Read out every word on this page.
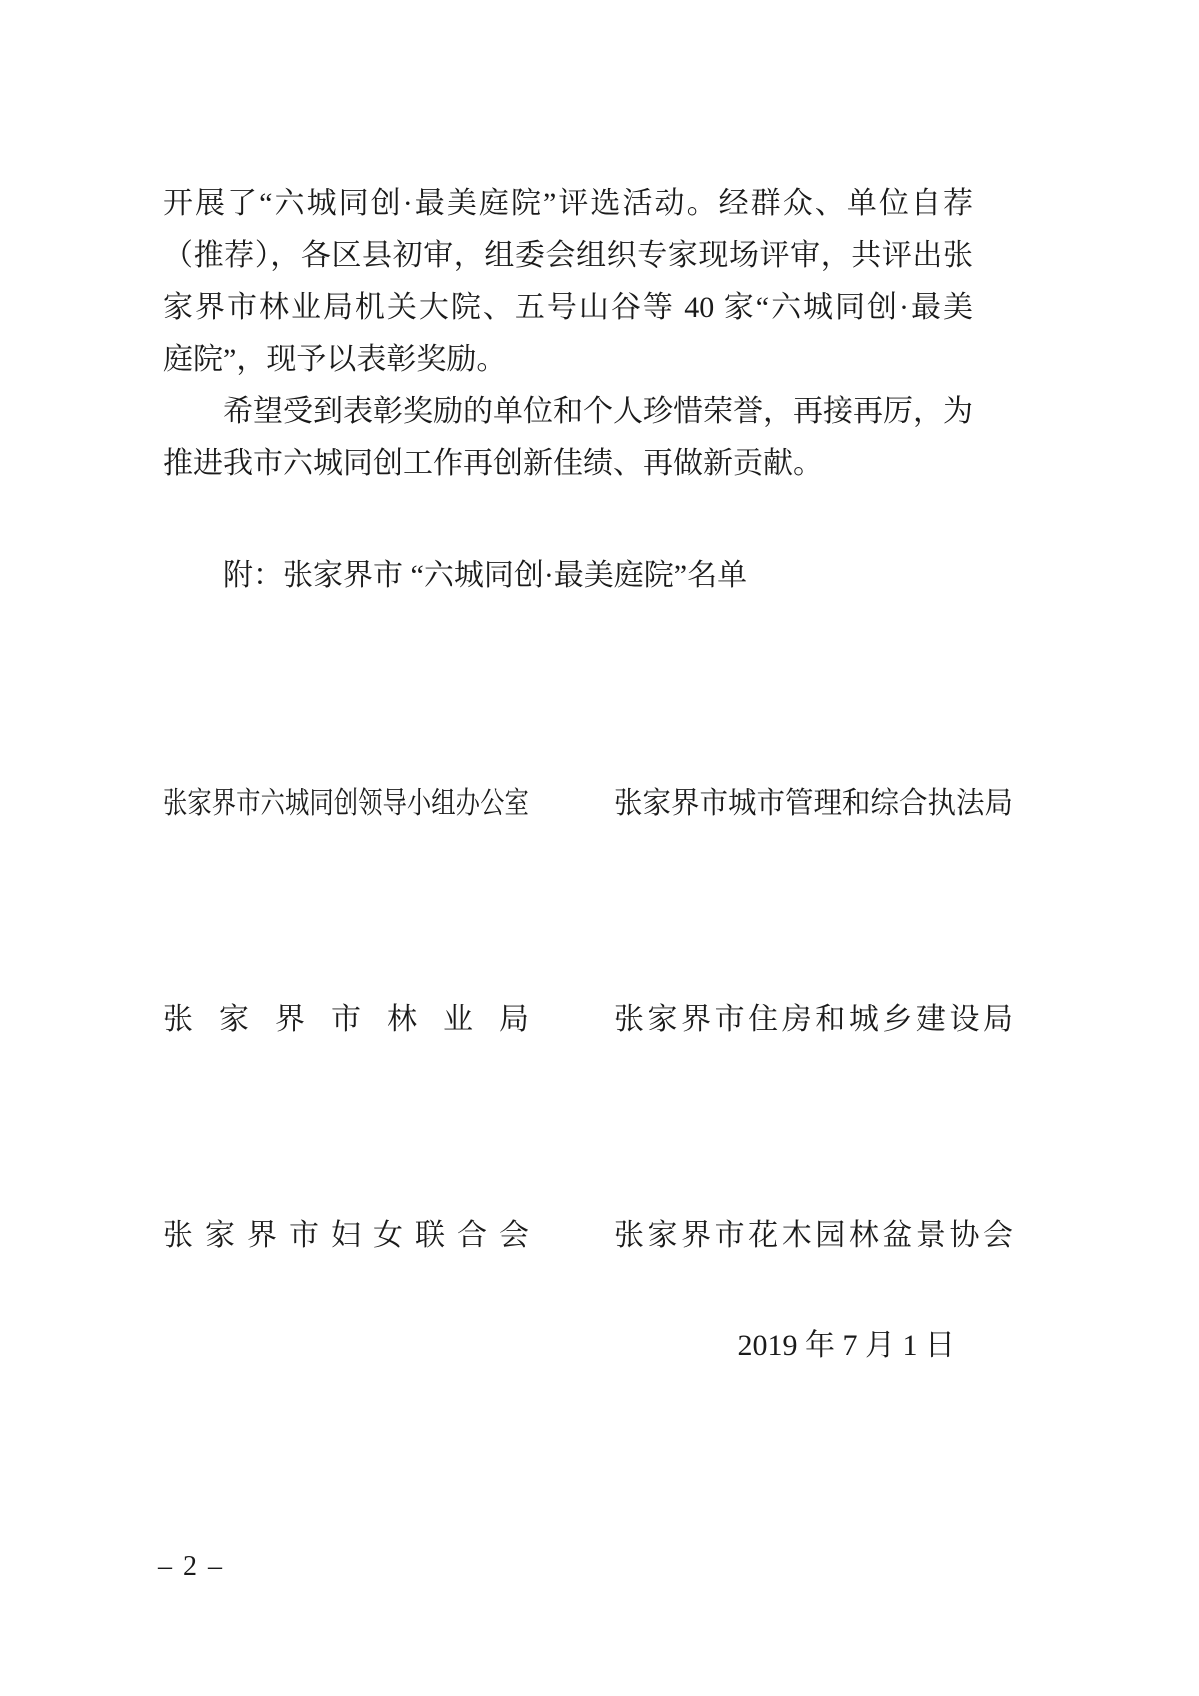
开展了“六城同创·最美庭院”评选活动。经群众、单位自荐
（推荐），各区县初审，组委会组织专家现场评审，共评出张
家界市林业局机关大院、五号山谷等 40 家“六城同创·最美
庭院”，现予以表彰奖励。
希望受到表彰奖励的单位和个人珍惜荣誉，再接再厉，为
推进我市六城同创工作再创新佳绩、再做新贡献。
附：张家界市 “六城同创·最美庭院”名单
张家界市六城同创领导小组办公室	张家界市城市管理和综合执法局
张家界市林业局	张家界市住房和城乡建设局
张家界市妇女联合会	张家界市花木园林盆景协会
2019 年 7 月 1 日
– 2 –
